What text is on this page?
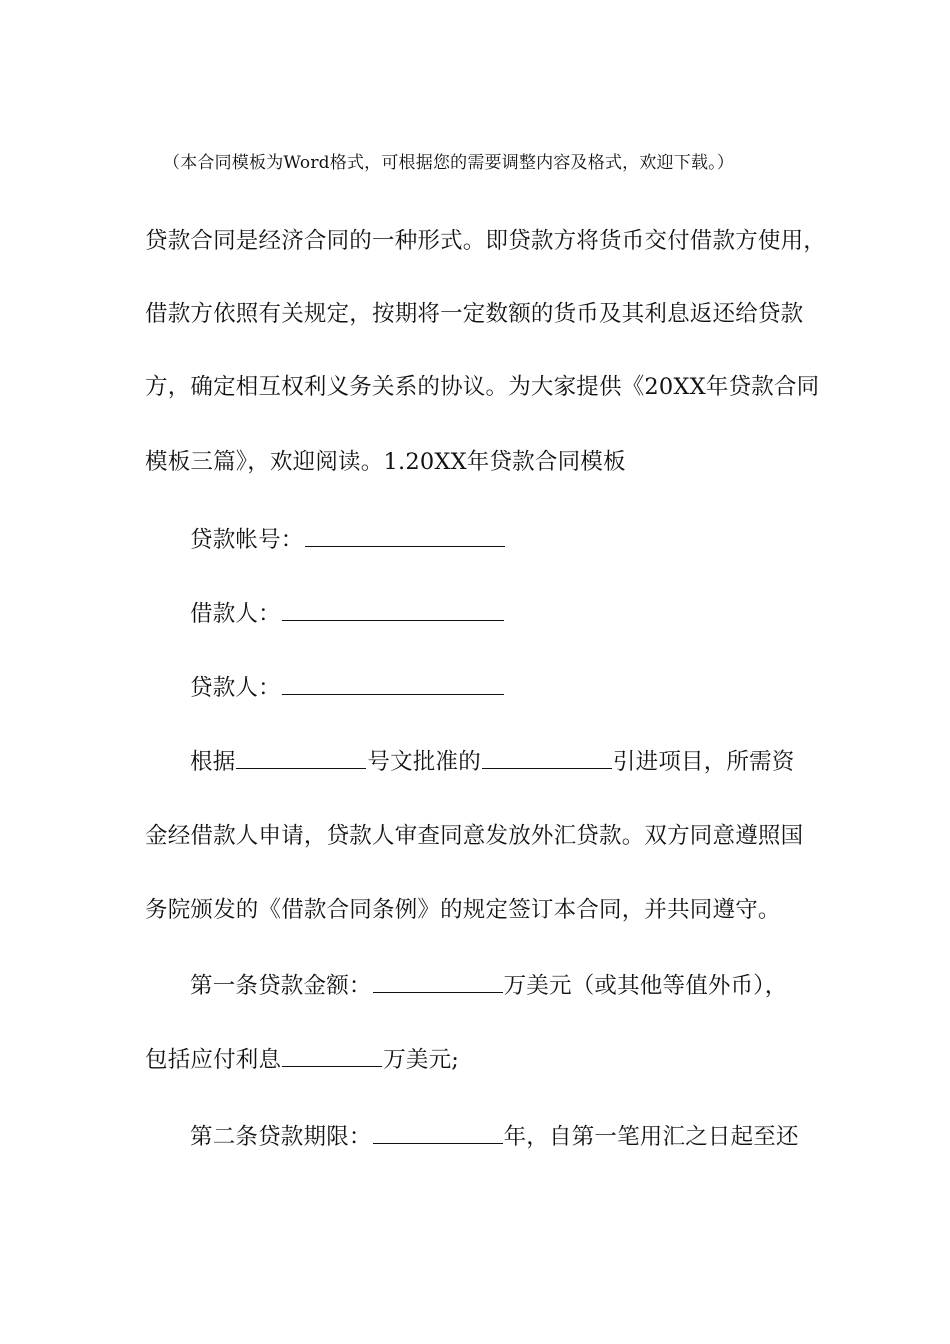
（本合同模板为Word格式，可根据您的需要调整内容及格式，欢迎下载。）
贷款合同是经济合同的一种形式。即贷款方将货币交付借款方使用，
借款方依照有关规定，按期将一定数额的货币及其利息返还给贷款
方，确定相互权利义务关系的协议。为大家提供《20XX年贷款合同
模板三篇》，欢迎阅读。1.20XX年贷款合同模板
贷款帐号：
借款人：
贷款人：
根据	号文批准的	引进项目，所需资
金经借款人申请，贷款人审查同意发放外汇贷款。双方同意遵照国
务院颁发的《借款合同条例》的规定签订本合同，并共同遵守。
第一条贷款金额：	万美元（或其他等值外币），
包括应付利息	万美元;
第二条贷款期限：	年，自第一笔用汇之日起至还
